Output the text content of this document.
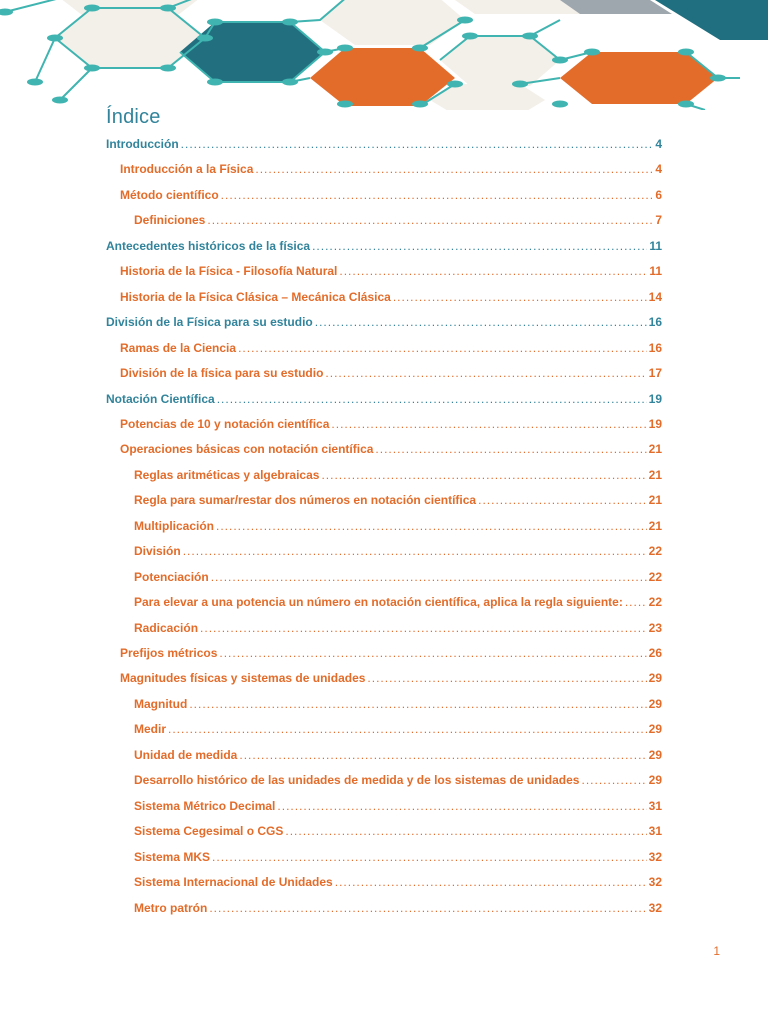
Índice
Introducción .....	4
Introducción a la Física .....	4
Método científico .....	6
Definiciones .....	7
Antecedentes históricos de la física .....	11
Historia de la Física - Filosofía Natural .....	11
Historia de la Física Clásica – Mecánica Clásica .....	14
División de la Física para su estudio .....	16
Ramas de la Ciencia .....	16
División de la física para su estudio .....	17
Notación Científica .....	19
Potencias de 10 y notación científica .....	19
Operaciones básicas con notación científica .....	21
Reglas aritméticas y algebraicas .....	21
Regla para sumar/restar dos números en notación científica .....	21
Multiplicación .....	21
División .....	22
Potenciación .....	22
Para elevar a una potencia un número en notación científica, aplica la regla siguiente: ..... 22
Radicación .....	23
Prefijos métricos .....	26
Magnitudes físicas y sistemas de unidades .....	29
Magnitud .....	29
Medir .....	29
Unidad de medida .....	29
Desarrollo histórico de las unidades de medida y de los sistemas de unidades .....	29
Sistema Métrico Decimal .....	31
Sistema Cegesimal o CGS .....	31
Sistema MKS .....	32
Sistema Internacional de Unidades .....	32
Metro patrón .....	32
1
